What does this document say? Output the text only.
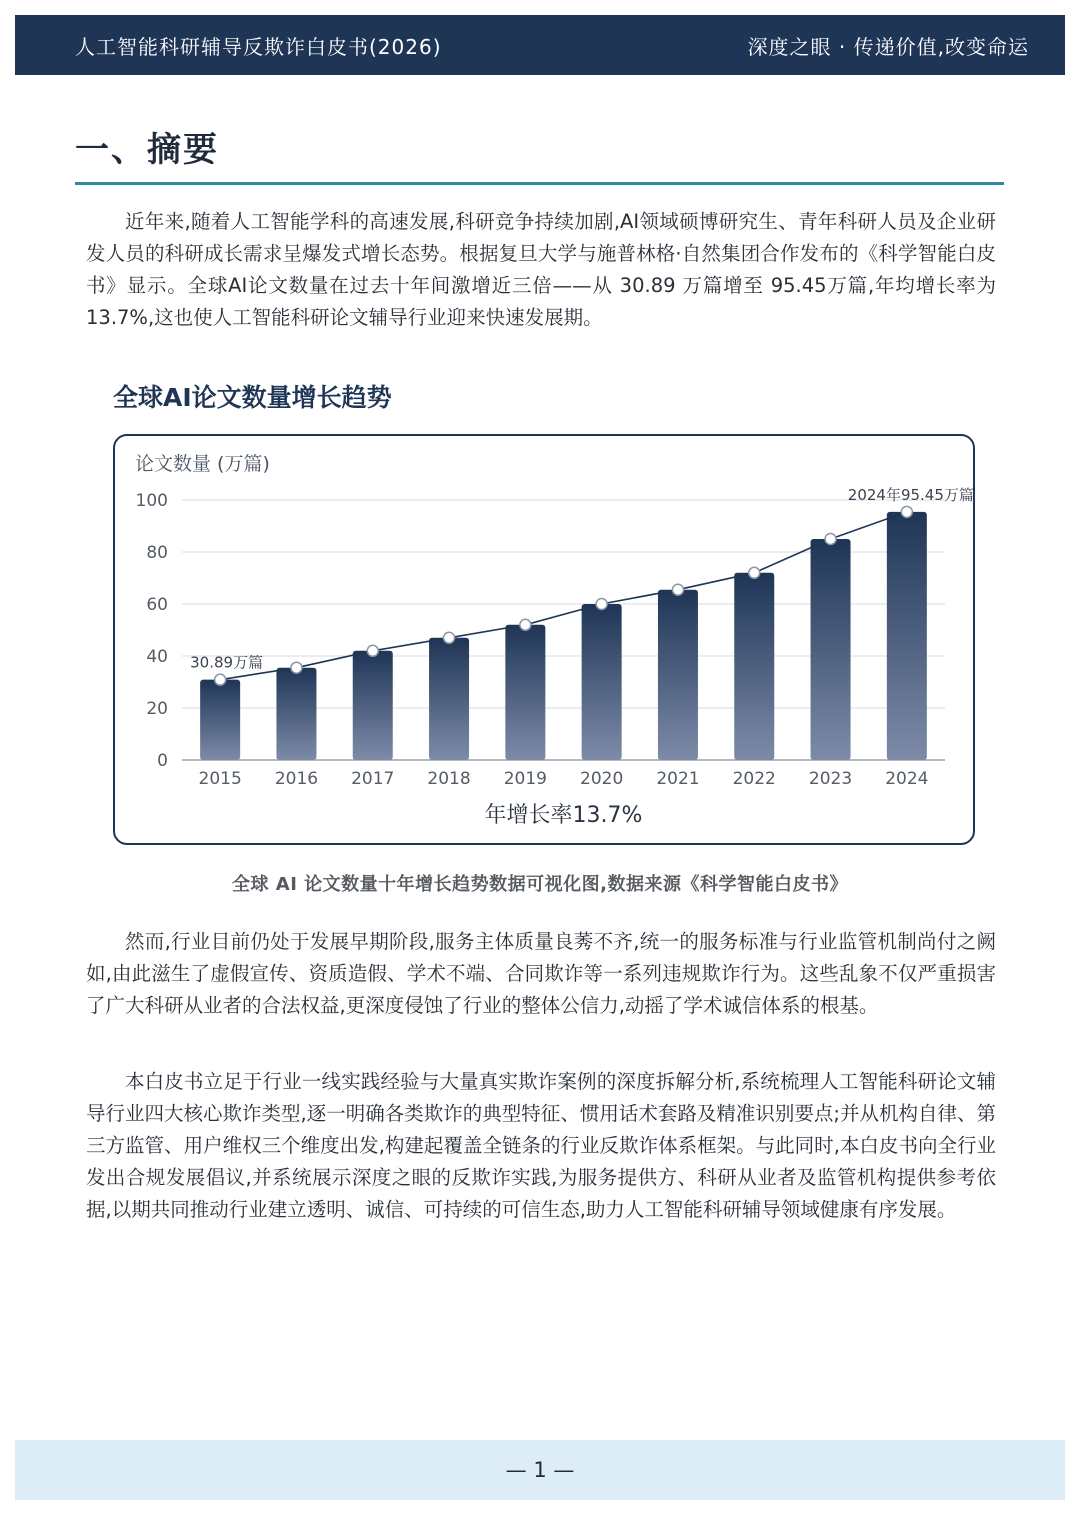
人工智能科研辅导反欺诈白皮书(2026)	深度之眼 · 传递价值,改变命运
一、摘要

近年来,随着人工智能学科的高速发展,科研竞争持续加剧,AI领域硕博研究生、青年科研人员及企业研发人员的科研成长需求呈爆发式增长态势。根据复旦大学与施普林格·自然集团合作发布的《科学智能白皮书》显示。全球AI论文数量在过去十年间激增近三倍——从 30.89 万篇增至 95.45万篇,年均增长率为 13.7%,这也使人工智能科研论文辅导行业迎来快速发展期。

全球AI论文数量增长趋势
论文数量 (万篇)
0
20
40
60
80
100
2015 2016 2017 2018 2019 2020 2021 2022 2023 2024
30.89万篇
2024年95.45万篇
年增长率13.7%
全球 AI 论文数量十年增长趋势数据可视化图,数据来源《科学智能白皮书》

然而,行业目前仍处于发展早期阶段,服务主体质量良莠不齐,统一的服务标准与行业监管机制尚付之阙如,由此滋生了虚假宣传、资质造假、学术不端、合同欺诈等一系列违规欺诈行为。这些乱象不仅严重损害了广大科研从业者的合法权益,更深度侵蚀了行业的整体公信力,动摇了学术诚信体系的根基。

本白皮书立足于行业一线实践经验与大量真实欺诈案例的深度拆解分析,系统梳理人工智能科研论文辅导行业四大核心欺诈类型,逐一明确各类欺诈的典型特征、惯用话术套路及精准识别要点;并从机构自律、第三方监管、用户维权三个维度出发,构建起覆盖全链条的行业反欺诈体系框架。与此同时,本白皮书向全行业发出合规发展倡议,并系统展示深度之眼的反欺诈实践,为服务提供方、科研从业者及监管机构提供参考依据,以期共同推动行业建立透明、诚信、可持续的可信生态,助力人工智能科研辅导领域健康有序发展。

— 1 —
